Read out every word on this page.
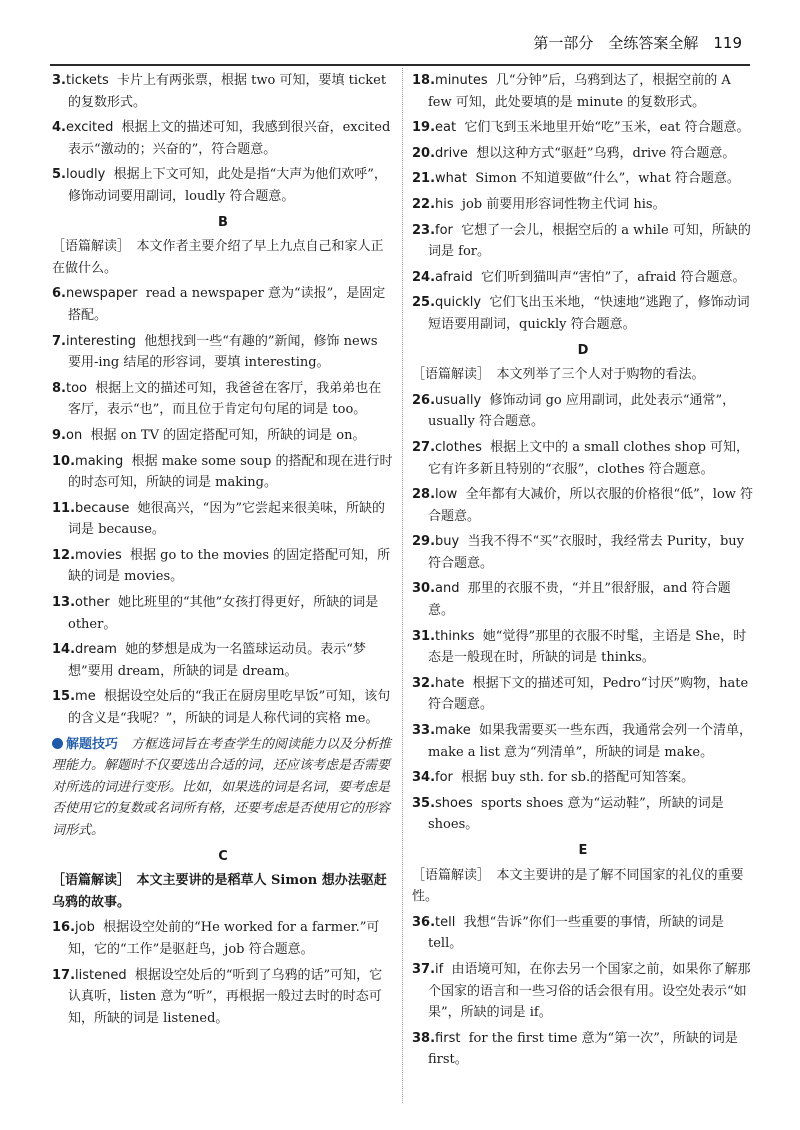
第一部分　全练答案全解　119
3.tickets 卡片上有两张票，根据 two 可知，要填 ticket 的复数形式。
4.excited 根据上文的描述可知，我感到很兴奋，excited 表示“激动的；兴奋的”，符合题意。
5.loudly 根据上下文可知，此处是指“大声为他们欢呼”，修饰动词要用副词，loudly 符合题意。
B
［语篇解读］　本文作者主要介绍了早上九点自己和家人正在做什么。
6.newspaper read a newspaper 意为“读报”，是固定搭配。
7.interesting 他想找到一些“有趣的”新闻，修饰 news 要用-ing 结尾的形容词，要填 interesting。
8.too 根据上文的描述可知，我爸爸在客厅，我弟弟也在客厅，表示“也”，而且位于肯定句句尾的词是 too。
9.on 根据 on TV 的固定搭配可知，所缺的词是 on。
10.making 根据 make some soup 的搭配和现在进行时的时态可知，所缺的词是 making。
11.because 她很高兴，“因为”它尝起来很美味，所缺的词是 because。
12.movies 根据 go to the movies 的固定搭配可知，所缺的词是 movies。
13.other 她比班里的“其他”女孩打得更好，所缺的词是 other。
14.dream 她的梦想是成为一名篮球运动员。表示“梦想”要用 dream，所缺的词是 dream。
15.me 根据设空处后的“我正在厨房里吃早饭”可知，该句的含义是“我呢？”，所缺的词是人称代词的宾格 me。
解题技巧　 方框选词旨在考查学生的阅读能力以及分析推理能力。解题时不仅要选出合适的词，还应该考虑是否需要对所选的词进行变形。比如，如果选的词是名词，要考虑是否使用它的复数或名词所有格，还要考虑是否使用它的形容词形式。
C
［语篇解读］　本文主要讲的是稻草人 Simon 想办法驱赶乌鸦的故事。
16.job 根据设空处前的“He worked for a farmer.”可知，它的“工作”是驱赶鸟，job 符合题意。
17.listened 根据设空处后的“听到了乌鸦的话”可知，它认真听，listen 意为“听”，再根据一般过去时的时态可知，所缺的词是 listened。
18.minutes 几“分钟”后，乌鸦到达了，根据空前的 A few 可知，此处要填的是 minute 的复数形式。
19.eat 它们飞到玉米地里开始“吃”玉米，eat 符合题意。
20.drive 想以这种方式“驱赶”乌鸦，drive 符合题意。
21.what Simon 不知道要做“什么”，what 符合题意。
22.his job 前要用形容词性物主代词 his。
23.for 它想了一会儿，根据空后的 a while 可知，所缺的词是 for。
24.afraid 它们听到猫叫声“害怕”了，afraid 符合题意。
25.quickly 它们飞出玉米地，“快速地”逃跑了，修饰动词短语要用副词，quickly 符合题意。
D
［语篇解读］　本文列举了三个人对于购物的看法。
26.usually 修饰动词 go 应用副词，此处表示“通常”，usually 符合题意。
27.clothes 根据上文中的 a small clothes shop 可知，它有许多新且特别的“衣服”，clothes 符合题意。
28.low 全年都有大减价，所以衣服的价格很“低”，low 符合题意。
29.buy 当我不得不“买”衣服时，我经常去 Purity，buy 符合题意。
30.and 那里的衣服不贵，“并且”很舒服，and 符合题意。
31.thinks 她“觉得”那里的衣服不时髦，主语是 She，时态是一般现在时，所缺的词是 thinks。
32.hate 根据下文的描述可知，Pedro“讨厌”购物，hate 符合题意。
33.make 如果我需要买一些东西，我通常会列一个清单，make a list 意为“列清单”，所缺的词是 make。
34.for 根据 buy sth. for sb.的搭配可知答案。
35.shoes sports shoes 意为“运动鞋”，所缺的词是 shoes。
E
［语篇解读］　本文主要讲的是了解不同国家的礼仪的重要性。
36.tell 我想“告诉”你们一些重要的事情，所缺的词是 tell。
37.if 由语境可知，在你去另一个国家之前，如果你了解那个国家的语言和一些习俗的话会很有用。设空处表示“如果”，所缺的词是 if。
38.first for the first time 意为“第一次”，所缺的词是 first。
